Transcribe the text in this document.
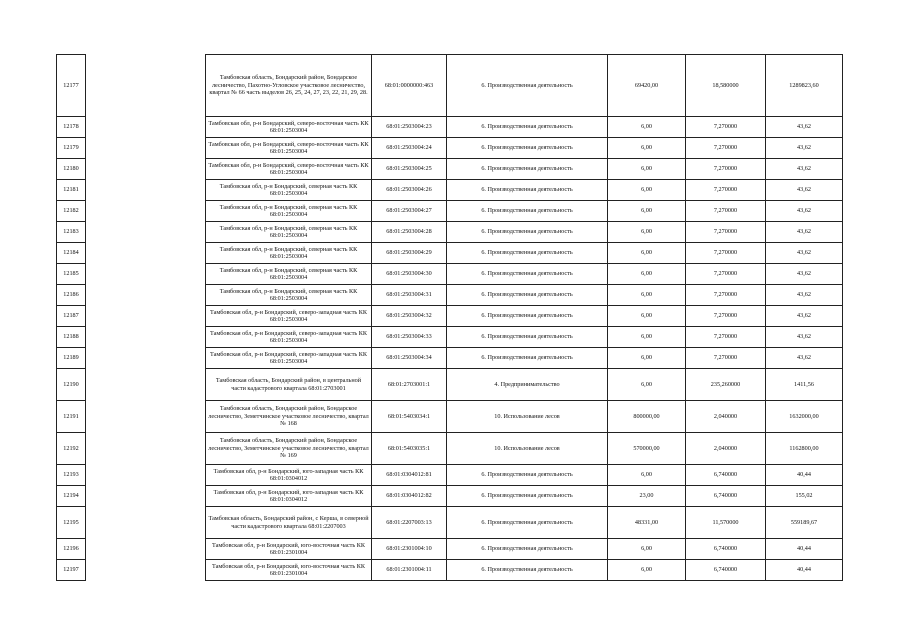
12177		Тамбовская область, Бондарский район, Бондарское лесничество, Пахотно-Угловское участковое лесничество, квартал № 66 часть выделов 26, 25, 24, 27, 23, 22, 21, 29, 28.	68:01:0000000:463	6. Производственная деятельность	69420,00	18,580000	1289823,60
12178		Тамбовская обл, р-н Бондарский, северо-восточная часть КК 68:01:2503004	68:01:2503004:23	6. Производственная деятельность	6,00	7,270000	43,62
12179		Тамбовская обл, р-н Бондарский, северо-восточная часть КК 68:01:2503004	68:01:2503004:24	6. Производственная деятельность	6,00	7,270000	43,62
12180		Тамбовская обл, р-н Бондарский, северо-восточная часть КК 68:01:2503004	68:01:2503004:25	6. Производственная деятельность	6,00	7,270000	43,62
12181		Тамбовская обл, р-н Бондарский, северная часть КК 68:01:2503004	68:01:2503004:26	6. Производственная деятельность	6,00	7,270000	43,62
12182		Тамбовская обл, р-н Бондарский, северная часть КК 68:01:2503004	68:01:2503004:27	6. Производственная деятельность	6,00	7,270000	43,62
12183		Тамбовская обл, р-н Бондарский, северная часть КК 68:01:2503004	68:01:2503004:28	6. Производственная деятельность	6,00	7,270000	43,62
12184		Тамбовская обл, р-н Бондарский, северная часть КК 68:01:2503004	68:01:2503004:29	6. Производственная деятельность	6,00	7,270000	43,62
12185		Тамбовская обл, р-н Бондарский, северная часть КК 68:01:2503004	68:01:2503004:30	6. Производственная деятельность	6,00	7,270000	43,62
12186		Тамбовская обл, р-н Бондарский, северная часть КК 68:01:2503004	68:01:2503004:31	6. Производственная деятельность	6,00	7,270000	43,62
12187		Тамбовская обл, р-н Бондарский, северо-западная часть КК 68:01:2503004	68:01:2503004:32	6. Производственная деятельность	6,00	7,270000	43,62
12188		Тамбовская обл, р-н Бондарский, северо-западная часть КК 68:01:2503004	68:01:2503004:33	6. Производственная деятельность	6,00	7,270000	43,62
12189		Тамбовская обл, р-н Бондарский, северо-западная часть КК 68:01:2503004	68:01:2503004:34	6. Производственная деятельность	6,00	7,270000	43,62
12190		Тамбовская область, Бондарский район, в центральной части кадастрового квартала 68:01:2703001	68:01:2703001:1	4. Предпринимательство	6,00	235,260000	1411,56
12191		Тамбовская область, Бондарский район, Бондарское лесничество, Земетчинское участковое лесничество, квартал № 168	68:01:5403034:1	10. Использование лесов	800000,00	2,040000	1632000,00
12192		Тамбовская область, Бондарский район, Бондарское лесничество, Земетчинское участковое лесничество, квартал № 169	68:01:5403035:1	10. Использование лесов	570000,00	2,040000	1162800,00
12193		Тамбовская обл, р-н Бондарский, юго-западная часть КК 68:01:0304012	68:01:0304012:81	6. Производственная деятельность	6,00	6,740000	40,44
12194		Тамбовская обл, р-н Бондарский, юго-западная часть КК 68:01:0304012	68:01:0304012:82	6. Производственная деятельность	23,00	6,740000	155,02
12195		Тамбовская область, Бондарский район, с Керша, в северной части кадастрового квартала 68:01:2207003	68:01:2207003:13	6. Производственная деятельность	48331,00	11,570000	559189,67
12196		Тамбовская обл, р-н Бондарский, юго-восточная часть КК 68:01:2301004	68:01:2301004:10	6. Производственная деятельность	6,00	6,740000	40,44
12197		Тамбовская обл, р-н Бондарский, юго-восточная часть КК 68:01:2301004	68:01:2301004:11	6. Производственная деятельность	6,00	6,740000	40,44
